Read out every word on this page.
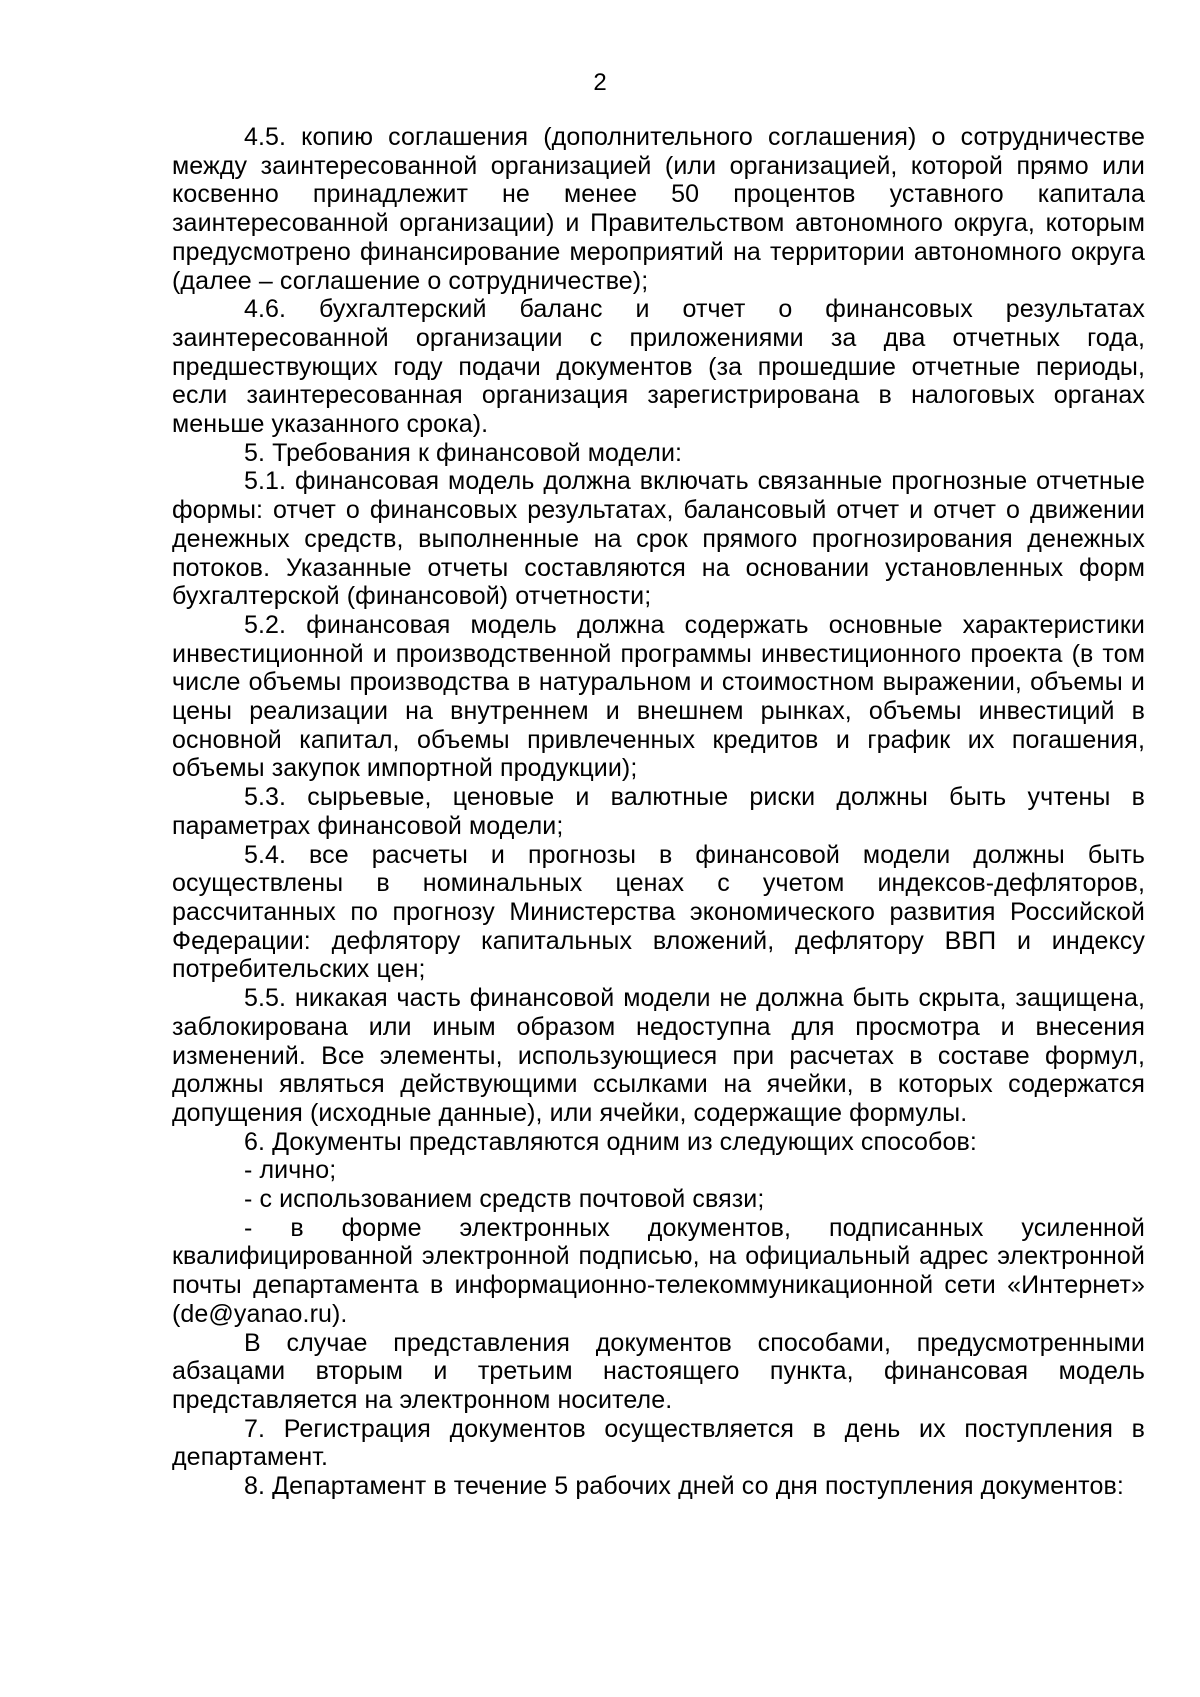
2

4.5. копию соглашения (дополнительного соглашения) о сотрудничестве между заинтересованной организацией (или организацией, которой прямо или косвенно принадлежит не менее 50 процентов уставного капитала заинтересованной организации) и Правительством автономного округа, которым предусмотрено финансирование мероприятий на территории автономного округа (далее – соглашение о сотрудничестве);

4.6. бухгалтерский баланс и отчет о финансовых результатах заинтересованной организации с приложениями за два отчетных года, предшествующих году подачи документов (за прошедшие отчетные периоды, если заинтересованная организация зарегистрирована в налоговых органах меньше указанного срока).

5. Требования к финансовой модели:

5.1. финансовая модель должна включать связанные прогнозные отчетные формы: отчет о финансовых результатах, балансовый отчет и отчет о движении денежных средств, выполненные на срок прямого прогнозирования денежных потоков. Указанные отчеты составляются на основании установленных форм бухгалтерской (финансовой) отчетности;

5.2. финансовая модель должна содержать основные характеристики инвестиционной и производственной программы инвестиционного проекта (в том числе объемы производства в натуральном и стоимостном выражении, объемы и цены реализации на внутреннем и внешнем рынках, объемы инвестиций в основной капитал, объемы привлеченных кредитов и график их погашения, объемы закупок импортной продукции);

5.3. сырьевые, ценовые и валютные риски должны быть учтены в параметрах финансовой модели;

5.4. все расчеты и прогнозы в финансовой модели должны быть осуществлены в номинальных ценах с учетом индексов-дефляторов, рассчитанных по прогнозу Министерства экономического развития Российской Федерации: дефлятору капитальных вложений, дефлятору ВВП и индексу потребительских цен;

5.5. никакая часть финансовой модели не должна быть скрыта, защищена, заблокирована или иным образом недоступна для просмотра и внесения изменений. Все элементы, использующиеся при расчетах в составе формул, должны являться действующими ссылками на ячейки, в которых содержатся допущения (исходные данные), или ячейки, содержащие формулы.

6. Документы представляются одним из следующих способов:

- лично;

- с использованием средств почтовой связи;

- в форме электронных документов, подписанных усиленной квалифицированной электронной подписью, на официальный адрес электронной почты департамента в информационно-телекоммуникационной сети «Интернет» (de@yanao.ru).

В случае представления документов способами, предусмотренными абзацами вторым и третьим настоящего пункта, финансовая модель представляется на электронном носителе.

7. Регистрация документов осуществляется в день их поступления в департамент.

8. Департамент в течение 5 рабочих дней со дня поступления документов:
